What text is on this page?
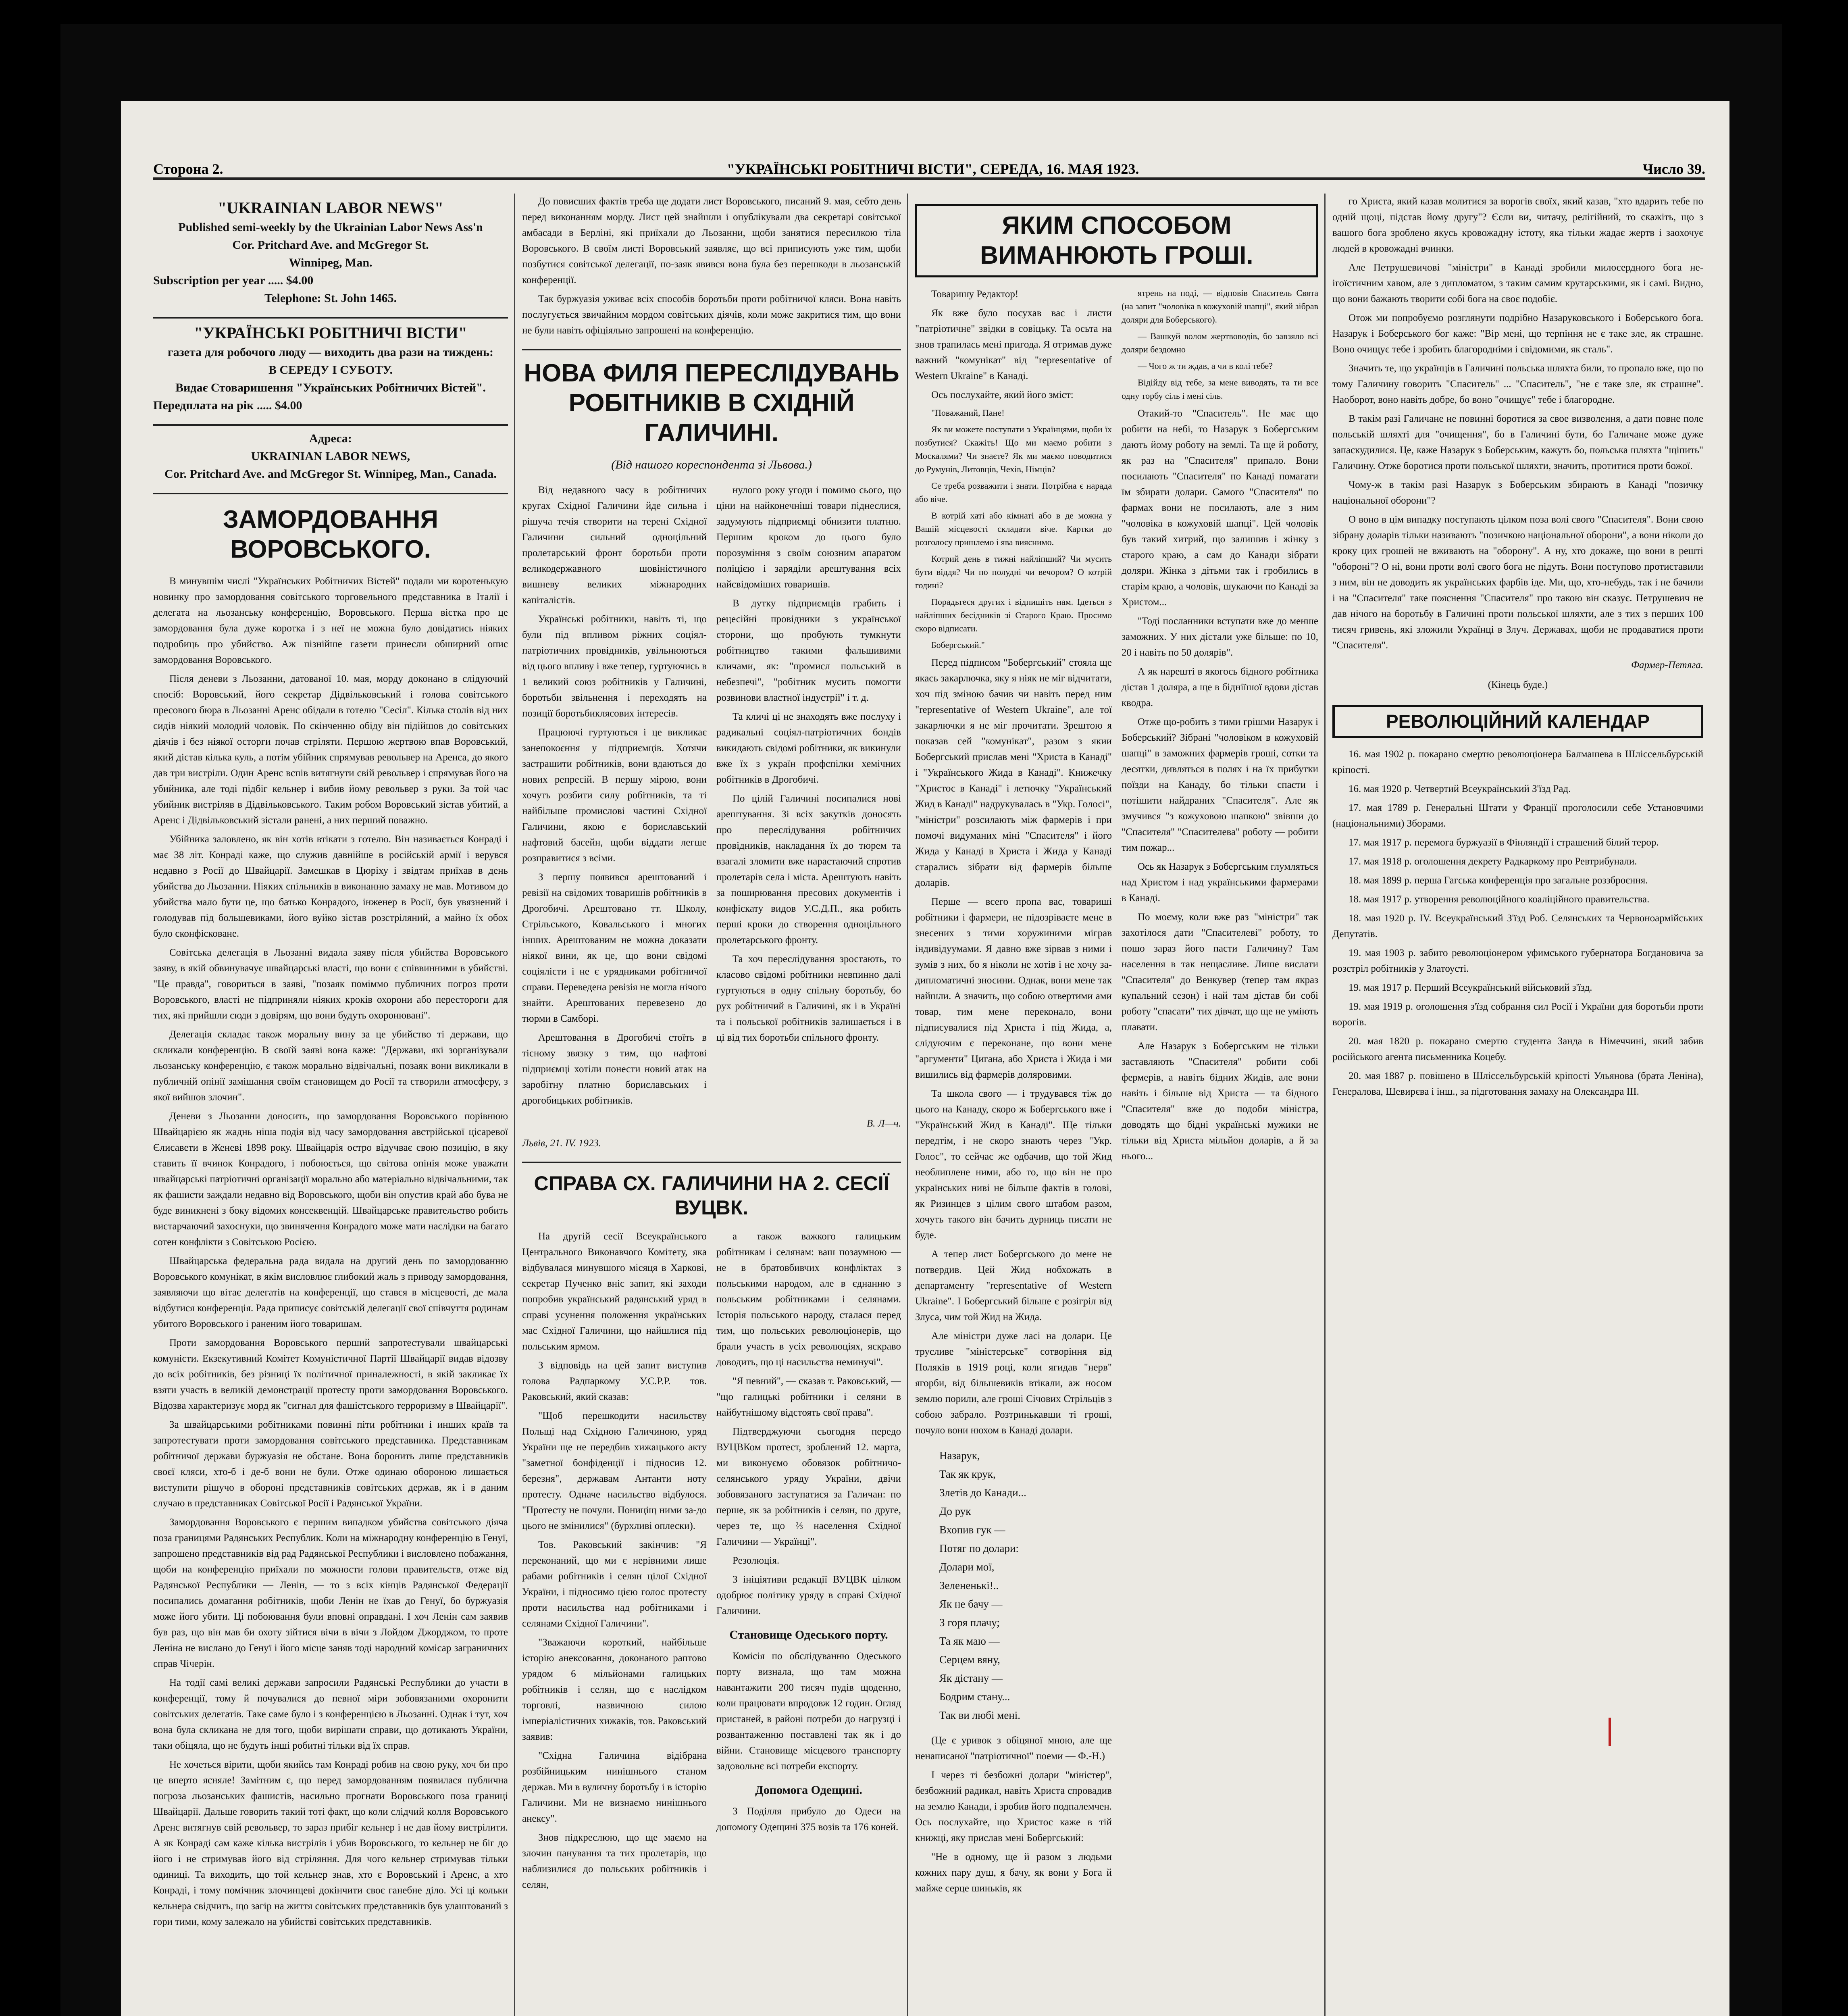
Сторона 2.	"УКРАЇНСЬКІ РОБІТНИЧІ ВІСТИ", СЕРЕДА, 16. МАЯ 1923.	Число 39.
"UKRAINIAN LABOR NEWS"
Published semi-weekly by the Ukrainian Labor News Ass'n
Cor. Pritchard Ave. and McGregor St.
Winnipeg, Man.
Subscription per year ..... $4.00
Telephone: St. John 1465.
"УКРАЇНСЬКІ РОБІТНИЧІ ВІСТИ"
газета для робочого люду — виходить два рази на тиждень:
В СЕРЕДУ І СУБОТУ.
Видає Стоваришення "Українських Робітничих Вістей".
Передплата на рік ..... $4.00
Адреса:
UKRAINIAN LABOR NEWS,
Cor. Pritchard Ave. and McGregor St. Winnipeg, Man., Canada.
ЗАМОРДОВАННЯ ВОРОВСЬКОГО.

В минувшім числі "Українських Робітничих Вістей" подали ми коротенькую новинку про замордовання совітського торговельного представника в Італії і делегата на льозанську конференцію, Воровського. Перша вістка про це замордовання була дуже коротка і з неї не можна було довідатись ніяких подробиць про убийство. Аж пізнійше газети принесли обширний опис замордовання Воровського.

Після деневи з Льозанни, датованої 10. мая, морду доконано в слідуючий спосіб: Воровський, його секретар Дідвільковський і голова совітського пресового бюра в Льозанні Аренс обідали в готелю "Сесіл". Кілька столів від них сидів ніякий молодий чоловік. По скінченню обіду він підійшов до совітських діячів і без ніякої осторги почав стріляти. Першою жертвою впав Воровський, який дістав кілька куль, а потім убійник спрямував револьвер на Аренса, до якого дав три вистріли. Один Аренс вспів витягнути свій револьвер і спрямував його на убийника, але тоді підбіг кельнер і вибив йому револьвер з руки. За той час убийник вистріляв в Дідвільковського. Таким робом Воровський зістав убитий, а Аренс і Дідвільковський зістали ранені, а них перший поважно.

Убійника заловлено, як він хотів втікати з готелю. Він називається Конраді і має 38 літ. Конраді каже, що служив давнійше в російській армії і верувся недавно з Росії до Швайцарії. Замешкав в Цюріху і звідтам приїхав в день убийства до Льозанни. Ніяких спільників в виконанню замаху не мав. Мотивом до убийства мало бути це, що батько Конрадого, інженер в Росії, був увязнений і голодував під большевиками, його вуйко зістав розстріляний, а майно їх обох було сконфісковане.

Совітська делегація в Льозанні видала заяву після убийства Воровського заяву, в якій обвинувачує швайцарські власті, що вони є співвинними в убийстві. "Це правда", говориться в заяві, "позаяк поміммо публичних погроз проти Воровського, власті не підприняли ніяких кроків охорони або перестороги для тих, які прийшли сюди з довірям, що вони будуть охоронювані".

Делегація складає також моральну вину за це убийство ті держави, що скликали конференцію. В своїй заяві вона каже: "Держави, які зорганізували льозанську конференцію, є також морально відвічальні, позаяк вони викликали в публичній опінії замішання своїм становищем до Росії та створили атмосферу, з якої вийшов злочин".

Деневи з Льозанни доносить, що замордовання Воровського порівнюю Швайцарією як жаднь ніша подія від часу замордовання австрійської цісаревої Єлисавети в Женеві 1898 року. Швайцарія остро відучває свою позицію, в яку ставить її вчинок Конрадого, і побоюється, що світова опінія може уважати швайцарські патріотичні організації морально або матеріально відвічальними, так як фашисти заждали недавно від Воровського, щоби він опустив край або бува не буде виникнені з боку відомих консеквенцій. Швайцарське правительство робить вистарчаючий захоснуки, що звинячення Конрадого може мати наслідки на багато сотен конфлікти з Совітською Росією.

Швайцарська федеральна рада видала на другий день по замордованню Воровського комунікат, в якім висловлює глибокий жаль з приводу замордовання, заявляючи що вітає делегатів на конференції, що стався в місцевості, де мала відбутися конференція. Рада приписує совітській делегації свої співчуття родинам убитого Воровського і раненим його товаришам.

Проти замордовання Воровського перший запротестували швайцарські комуністи. Екзекутивний Комітет Комуністичної Партії Швайцарії видав відозву до всіх робітників, без різниці їх політичної приналежності, в якій закликає їх взяти участь в великій демонстрації протесту проти замордовання Воровського. Відозва характеризує морд як "сигнал для фашістського терроризму в Швайцарії".

За швайцарськими робітниками повинні піти робітники і инших країв та запротестувати проти замордовання совітського представника. Представникам робітничої держави буржуазія не обстане. Вона боронить лише представників своєї кляси, хто-б і де-б вони не були. Отже одинаю обороною лишається виступити рішучо в обороні представників совітських держав, як і в даним случаю в представниках Совітської Росії і Радянської України.

Замордовання Воровського є першим випадком убийства совітського діяча поза границями Радянських Республик. Коли на міжнародну конференцію в Генуї, запрошено представників від рад Радянської Республики і висловлено побажання, щоби на конференцію приїхали по можности голови правительств, отже від Радянської Республики — Ленін, — то з всіх кінців Радянської Федерації посипались домагання робітників, щоби Ленін не їхав до Генуї, бо буржуазія може його убити. Ці побоювання були вповні оправдані. І хоч Ленін сам заявив був раз, що він мав би охоту зійтися вічи в вічи з Лойдом Джорджом, то проте Леніна не вислано до Генуї і його місце заняв тоді народний комісар заграничних справ Чічерін.

На тодії самі великі держави запросили Радянські Республики до участи в конференції, тому й почувалися до певної міри зобовязаними охоронити совітських делегатів. Таке саме було і з конференцією в Льозанні. Однак і тут, хоч вона була скликана не для того, щоби вирішати справи, що дотикають України, таки обіцяла, що не будуть інші робитні тільки від їх справ.

Не хочеться вірити, щоби якийсь там Конраді робив на свою руку, хоч би про це вперто ясняле! Замітним є, що перед замордованням появилася публична погроза льозанських фашистів, насильно прогнати Воровського поза границі Швайцарії. Дальше говорить такий тоті факт, що коли слідчий колля Воровського Аренс витягнув свій револьвер, то зараз прибіг кельнер і не дав йому вистрілити. А як Конраді сам каже кілька вистрілів і убив Воровського, то кельнер не біг до його і не стримував його від стріляння. Для чого кельнер стримував тільки одиниці. Та виходить, що той кельнер знав, хто є Воровський і Аренс, а хто Конраді, і тому помічник злочинцеві докінчити своє ганебне діло. Усі ці кольки кельнера свідчить, що загір на життя совітських представників був улаштований з гори тими, кому залежало на убийстві совітських представників.

До повисших фактів треба ще додати лист Воровського, писаний 9. мая, себто день перед виконанням морду. Лист цей знайшли і опублікували два секретарі совітської амбасади в Берліні, які приїхали до Льозанни, щоби занятися пересилкою тіла Воровського. В своїм листі Воровський заявляє, що всі приписують уже тим, щоби позбутися совітської делегації, по-заяк явився вона була без перешкоди в льозанській конференції.

Так буржуазія уживає всіх способів боротьби проти робітничої кляси. Вона навіть послугується звичайним мордом совітських діячів, коли може закритися тим, що вони не були навіть офіціяльно запрошені на конференцію.

НОВА ФИЛЯ ПЕРЕСЛІДУВАНЬ РОБІТНИКІВ В СХІДНІЙ ГАЛИЧИНІ.
(Від нашого кореспондента зі Львова.)

Від недавного часу в робітничих кругах Східної Галичини йде сильна і рішуча течія створити на терені Східної Галичини сильний одноцільний пролетарський фронт боротьби проти великодержавного шовіністичного вишневу великих міжнародних капіталістів.

Українські робітники, навіть ті, що були під впливом ріжних соціял-патріотичних провідників, увільнюються від цього впливу і вже тепер, гуртуючись в 1 великий союз робітників у Галичині, боротьби звільнення і переходять на позиції боротьбиклясових інтересів.

Працюючі гуртуються і це викликає занепокоєння у підприємців. Хотячи застрашити робітників, вони вдаються до нових репресій. В першу мірою, вони хочуть розбити силу робітників, та ті найбільше промислові частині Східної Галичини, якою є бориславський нафтовий басейн, щоби віддати легше розправитися з всіми.

З першу появився арештований і ревізії на свідомих товаришів робітників в Дрогобичі. Арештовано тт. Школу, Стрільського, Ковальського і многих інших. Арештованим не можна доказати ніякої вини, як це, що вони свідомі соціялісти і не є урядниками робітничої справи. Переведена ревізія не могла нічого знайти. Арештованих перевезено до тюрми в Самборі.

Арештовання в Дрогобичі стоїть в тісному звязку з тим, що нафтові підприємці хотіли понести новий атак на заробітну платню бориславських і дрогобицьких робітників.

нулого року угоди і помимо сього, що ціни на найконечніші товари піднеслися, задумують підприємці обнизити платню. Першим кроком до цього було порозуміння з своїм союзним апаратом поліцією і заряділи арештування всіх найсвідоміших товаришів.

В дутку підприємців грабить і рецесійні провідники з української сторони, що пробують тумкнути робітництво такими фальшивими кличами, як: "промисл польський в небезпечі", "робітник мусить помогти розвинови властної індустрії" і т. д.

Та кличі ці не знаходять вже послуху і радикальні соціял-патріотичних бондів викидають свідомі робітники, як викинули вже їх з україн профспілки хемічних робітників в Дрогобичі.

По цілій Галичині посипалися нові арештування. Зі всіх закутків доносять про переслідування робітничих провідників, накладання їх до тюрем та взагалі зломити вже нарастаючий спротив пролетарів села і міста. Арештують навіть за поширювання пресових документів і конфіскату видов У.С.Д.П., яка робить перші кроки до створення одноцільного пролетарського фронту.

Та хоч переслідування зростають, то класово свідомі робітники невпинно далі гуртуються в одну спільну боротьбу, бо рух робітничий в Галичині, як і в Україні та і польської робітників залишається і в ці від тих боротьби спільного фронту.

В. Л—ч.
Львів, 21. IV. 1923.
СПРАВА СХ. ГАЛИЧИНИ НА 2. СЕСІЇ ВУЦВК.

На другій сесії Всеукраїнського Центрального Виконавчого Комітету, яка відбувалася минувшого місяця в Харкові, секретар Пученко вніс запит, які заходи попробив український радянський уряд в справі усунення положення українських мас Східної Галичини, що найшлися під польським ярмом.

З відповідь на цей запит виступив голова Радпаркому У.С.Р.Р. тов. Раковський, який сказав:

"Щоб перешкодити насильству Польщі над Східною Галичиною, уряд України ще не передбив хижацького акту "заметної бонфіденції і підносив 12. березня", державам Антанти ноту протесту. Одначе насильство відбулося. "Протесту не почули. Пониціщ ними за-до цього не змінилися" (бурхливі оплески).

Тов. Раковський закінчив: "Я переконаний, що ми є нерівними лише рабами робітників і селян цілої Східної України, і підносимо цією голос протесту проти насильства над робітниками і селянами Східної Галичини".

"Зважаючи короткий, найбільше історію анексовання, доконаного раптово урядом 6 мільйонами галицьких робітників і селян, що є наслідком торговлі, назвичною силою імперіалістичних хижаків, тов. Раковський заявив:

"Східна Галичина відібрана розбійницьким нинішнього станом держав. Ми в вуличну боротьбу і в історію Галичини. Ми не визнаємо нинішнього анексу".

Знов підкреслюю, що ще маємо на злочин панування та тих пролетарів, що наблизилися до польських робітників і селян,

а також важкого галицьким робітникам і селянам: ваш позаумною — не в братовбивчих конфліктах з польськими народом, але в єднанню з польським робітниками і селянами. Історія польського народу, сталася перед тим, що польських революціонерів, що брали участь в усіх революціях, яскраво доводить, що ці насильства неминучі".

"Я певний", — сказав т. Раковський, — "що галицькі робітники і селяни в найбутнішому відстоять свої права".

Підтверджуючи сьогодня передо ВУЦВКом протест, зроблений 12. марта, ми виконуємо обовязок робітничо-селянського уряду України, двічи зобовязаного заступатися за Галичан: по перше, як за робітників і селян, по друге, через те, що ⅔ населення Східної Галичини — Українці".

Резолюція.

З ініціятиви редакції ВУЦВК цілком одобрює політику уряду в справі Східної Галичини.

Становище Одеського порту.

Комісія по обслідуванню Одеського порту визнала, що там можна навантажити 200 тисяч пудів щоденно, коли працювати впродовж 12 годин. Огляд пристаней, в районі потреби до нагрузці і розвантаженню поставлені так як і до війни. Становище місцевого транспорту задовольнє всі потреби експорту.

Допомога Одещині.

З Поділля прибуло до Одеси на допомогу Одещині 375 возів та 176 коней.

ЯКИМ СПОСОБОМ ВИМАНЮЮТЬ ГРОШІ.

Товаришу Редактор!

Як вже було посухав вас і листи "патріотичне" звідки в совіцьку. Та осьта на знов трапилась мені пригода. Я отримав дуже важний "комунікат" від "representative of Western Ukraine" в Канаді.

Ось послухайте, який його зміст:

"Поважаний, Пане!

Як ви можете поступати з Українцями, щоби їх позбутися? Скажіть! Що ми маємо робити з Москалями? Чи знаєте? Як ми маємо поводитися до Румунів, Литовців, Чехів, Німців?

Се треба розважити і знати. Потрібна є нарада або віче.

В котрій хаті або кімнаті або в де можна у Вашій місцевості складати віче. Картки до розголосу пришлемо і ява вияснимо.

Котрий день в тижні найліпший? Чи мусить бути віддя? Чи по полудні чи вечором? О котрій годині?

Порадьтеся других і відпишіть нам. Ідеться з найліпших бесідників зі Старого Краю. Просимо скоро відписати.

Бобергський."

Перед підписом "Бобергський" стояла ще якась закарлючка, яку я ніяк не міг відчитати, хоч під зміною бачив чи навіть перед ним "representative of Western Ukraine", але тої закарлючки я не міг прочитати. Зрештою я показав сей "комунікат", разом з якии Бобергський прислав мені "Христа в Канаді" і "Українського Жида в Канаді". Книжечку "Христос в Канаді" і летючку "Український Жид в Канаді" надрукувалась в "Укр. Голосі", "міністри" розсилають між фармерів і при помочі видуманих міні "Спасителя" і його Жида у Канаді в Христа і Жида у Канаді старались зібрати від фармерів більше доларів.

Перше — всего пропа вас, товариші робітники і фармери, не підозріваєте мене в знесених з тими хоружиними міграв індивідуумами. Я давно вже зірвав з ними і зумів з них, бо я ніколи не хотів і не хочу за-дипломатичні зносини. Однак, вони мене так найшли. А значить, що собою отвертими ами товар, тим мене переконало, вони підписувалися під Христа і під Жида, а, слідуючим є переконане, що вони мене "аргументи" Цигана, або Христа і Жида і ми вишились від фармерів доляровими.

Та школа свого — і трудувався тіж до цього на Канаду, скоро ж Бобергського вже і "Український Жид в Канаді". Ще тільки передтім, і не скоро знають через "Укр. Голос", то сейчас же одбачив, що той Жид необлиплене ними, або то, що він не про українських ниві не більше фактів в голові, як Ризинцев з цілим свого штабом разом, хочуть такого він бачить дурниць писати не буде.

А тепер лист Бобергського до мене не потвердив. Цей Жид нобхожать в департаменту "representative of Western Ukraine". І Бобергський більше є розігріл від Злуса, чим той Жид на Жида.

Але міністри дуже ласі на долари. Це трусливе "міністерське" сотворіння від Поляків в 1919 році, коли ягидав "нерв" ягорби, від більшевиків втікали, аж носом землю порили, але гроші Січових Стрільців з собою забрало. Розтринькавши ті гроші, почуло вони нюхом в Канаді долари.

Назарук,
Так як крук,
Злетів до Канади...
До рук
Вхопив гук —
Потяг по долари:
Долари мої,
Зелененькі!..
Як не бачу —
З горя плачу;
Та як маю —
Серцем вяну,
Як дістану —
Бодрим стану...
Так ви любі мені.

(Це є уривок з обіцяної мною, але ще ненаписаної "патріотичної" поеми — Ф.-Н.)

І через ті безбожні долари "міністер", безбожний радикал, навіть Христа спровадив на землю Канади, і зробив його подпалемчен. Ось послухайте, що Христос каже в тій книжці, яку прислав мені Бобергський:

"Не в одному, ще й разом з людьми кожних пару душ, я бачу, як вони у Бога й майже серце шиньків, як

ятрень на поді, — відповів Спаситель Свята (на запит "чоловіка в кожуховій шапці", який зібрав доляри для Боберського).

— Вашкуй волом жертвоводів, бо завзяло всі доляри бездомно

— Чого ж ти ждав, а чи в колі тебе?

Відійду від тебе, за мене виводять, та ти все одну торбу сіль і мені сіль.

Отакий-то "Спаситель". Не має що робити на небі, то Назарук з Бобергським дають йому роботу на землі. Та ще й роботу, як раз на "Спасителя" припало. Вони посилають "Спасителя" по Канаді помагати їм збирати долари. Самого "Спасителя" по фармах вони не посилають, але з ним "чоловіка в кожуховій шапці". Цей чоловік був такий хитрий, що залишив і жінку з старого краю, а сам до Канади зібрати доляри. Жінка з дітьми так і гробились в старім краю, а чоловік, шукаючи по Канаді за Христом...

"Тоді посланники вступати вже до менше заможних. У них дістали уже більше: по 10, 20 і навіть по 50 долярів".

А як нарешті в якогось бідного робітника дістав 1 доляра, а ще в бідніїшої вдови дістав кводра.

Отже що-робить з тими грішми Назарук і Боберський? Зібрані "чоловіком в кожуховій шапці" в заможних фармерів гроші, сотки та десятки, дивляться в полях і на їх прибутки поїзди на Канаду, бо тільки спасти і потішити найдраних "Спасителя". Але як змучився "з кожуховою шапкою" звівши до "Спасителя" "Спасителева" роботу — робити тим пожар...

Ось як Назарук з Бобергським глумляться над Христом і над українськими фармерами в Канаді.

По моєму, коли вже раз "міністри" так захотілося дати "Спасителеві" роботу, то пошо зараз його пасти Галичину? Там населення в так нещасливе. Лише вислати "Спасителя" до Венкувер (тепер там якраз купальний сезон) і най там дістав би собі роботу "спасати" тих дівчат, що ще не уміють плавати.

Але Назарук з Бобергським не тільки заставляють "Спасителя" робити собі фермерів, а навіть бідних Жидів, але вони навіть і більше від Христа — та бідного "Спасителя" вже до подоби міністра, доводять що бідні українські мужики не тільки від Христа мільйон доларів, а й за нього...

го Христа, який казав молитися за ворогів своїх, який казав, "хто вдарить тебе по одній щоці, підстав йому другу"? Єсли ви, читачу, релігійний, то скажіть, що з вашого бога зроблено якусь кровожадну істоту, яка тільки жадає жертв і заохочує людей в кровожадні вчинки.

Але Петрушевичові "міністри" в Канаді зробили милосердного бога не-ігоїстичним хавом, але з дипломатом, з таким самим крутарськими, як і самі. Видно, що вони бажають творити собі бога на своє подобіє.

Отож ми попробуємо розглянути подрібно Назаруковського і Боберського бога. Назарук і Боберського бог каже: "Вір мені, що терпіння не є таке зле, як страшне. Воно очищує тебе і зробить благородніми і свідомими, як сталь".

Значить те, що українців в Галичині польська шляхта били, то пропало вже, що по тому Галичину говорить "Спаситель" ... "Спаситель", "не є таке зле, як страшне". Наоборот, воно навіть добре, бо воно "очищує" тебе і благородне.

В такім разі Галичане не повинні боротися за свое визволення, а дати повне поле польській шляхті для "очищення", бо в Галичині бути, бо Галичане може дуже запаскудилися. Це, каже Назарук з Боберським, кажуть бо, польська шляхта "щіпить" Галичину. Отже боротися проти польської шляхти, значить, протитися проти божої.

Чому-ж в такім разі Назарук з Боберським збирають в Канаді "позичку національної оборони"?

О воно в цім випадку поступають цілком поза волі свого "Спасителя". Вони свою зібрану доларів тільки називають "позичкою національної оборони", а вони ніколи до кроку цих грошей не вживають на "оборону". А ну, хто докаже, що вони в решті "обороні"? О ні, вони проти волі свого бога не підуть. Вони поступово протиставили з ним, він не доводить як українських фарбів іде. Ми, що, хто-небудь, так і не бачили і на "Спасителя" таке пояснення "Спасителя" про такою він сказує. Петрушевич не дав нічого на боротьбу в Галичині проти польської шляхти, але з тих з перших 100 тисяч гривень, які зложили Українці в Злуч. Державах, щоби не продаватися проти "Спасителя".

Фармер-Петяга.
(Кінець буде.)
РЕВОЛЮЦІЙНИЙ КАЛЕНДАР

16. мая 1902 р. покарано смертю революціонера Балмашева в Шліссельбурській кріпості.

16. мая 1920 р. Четвертий Всеукраїнський З'їзд Рад.

17. мая 1789 р. Генеральні Штати у Франції проголосили себе Установчими (національними) Зборами.

17. мая 1917 р. перемога буржуазії в Фінляндії і страшений білий терор.

17. мая 1918 р. оголошення декрету Радкаркому про Ревтрибунали.

18. мая 1899 р. перша Гагська конференція про загальне роззброєння.

18. мая 1917 р. утворення революційного коаліційного правительства.

18. мая 1920 р. IV. Всеукраїнський З'їзд Роб. Селянських та Червоноармійських Депутатів.

19. мая 1903 р. забито революціонером уфимського губернатора Богдановича за розстріл робітників у Златоусті.

19. мая 1917 р. Перший Всеукраїнський військовий з'їзд.

19. мая 1919 р. оголошення з'їзд собрання сил Росії і України для боротьби проти ворогів.

20. мая 1820 р. покарано смертю студента Занда в Німеччині, який забив російського агента письменника Коцебу.

20. мая 1887 р. повішено в Шліссельбурській кріпості Ульянова (брата Леніна), Генералова, Шевирєва і інш., за підготовання замаху на Олександра III.
